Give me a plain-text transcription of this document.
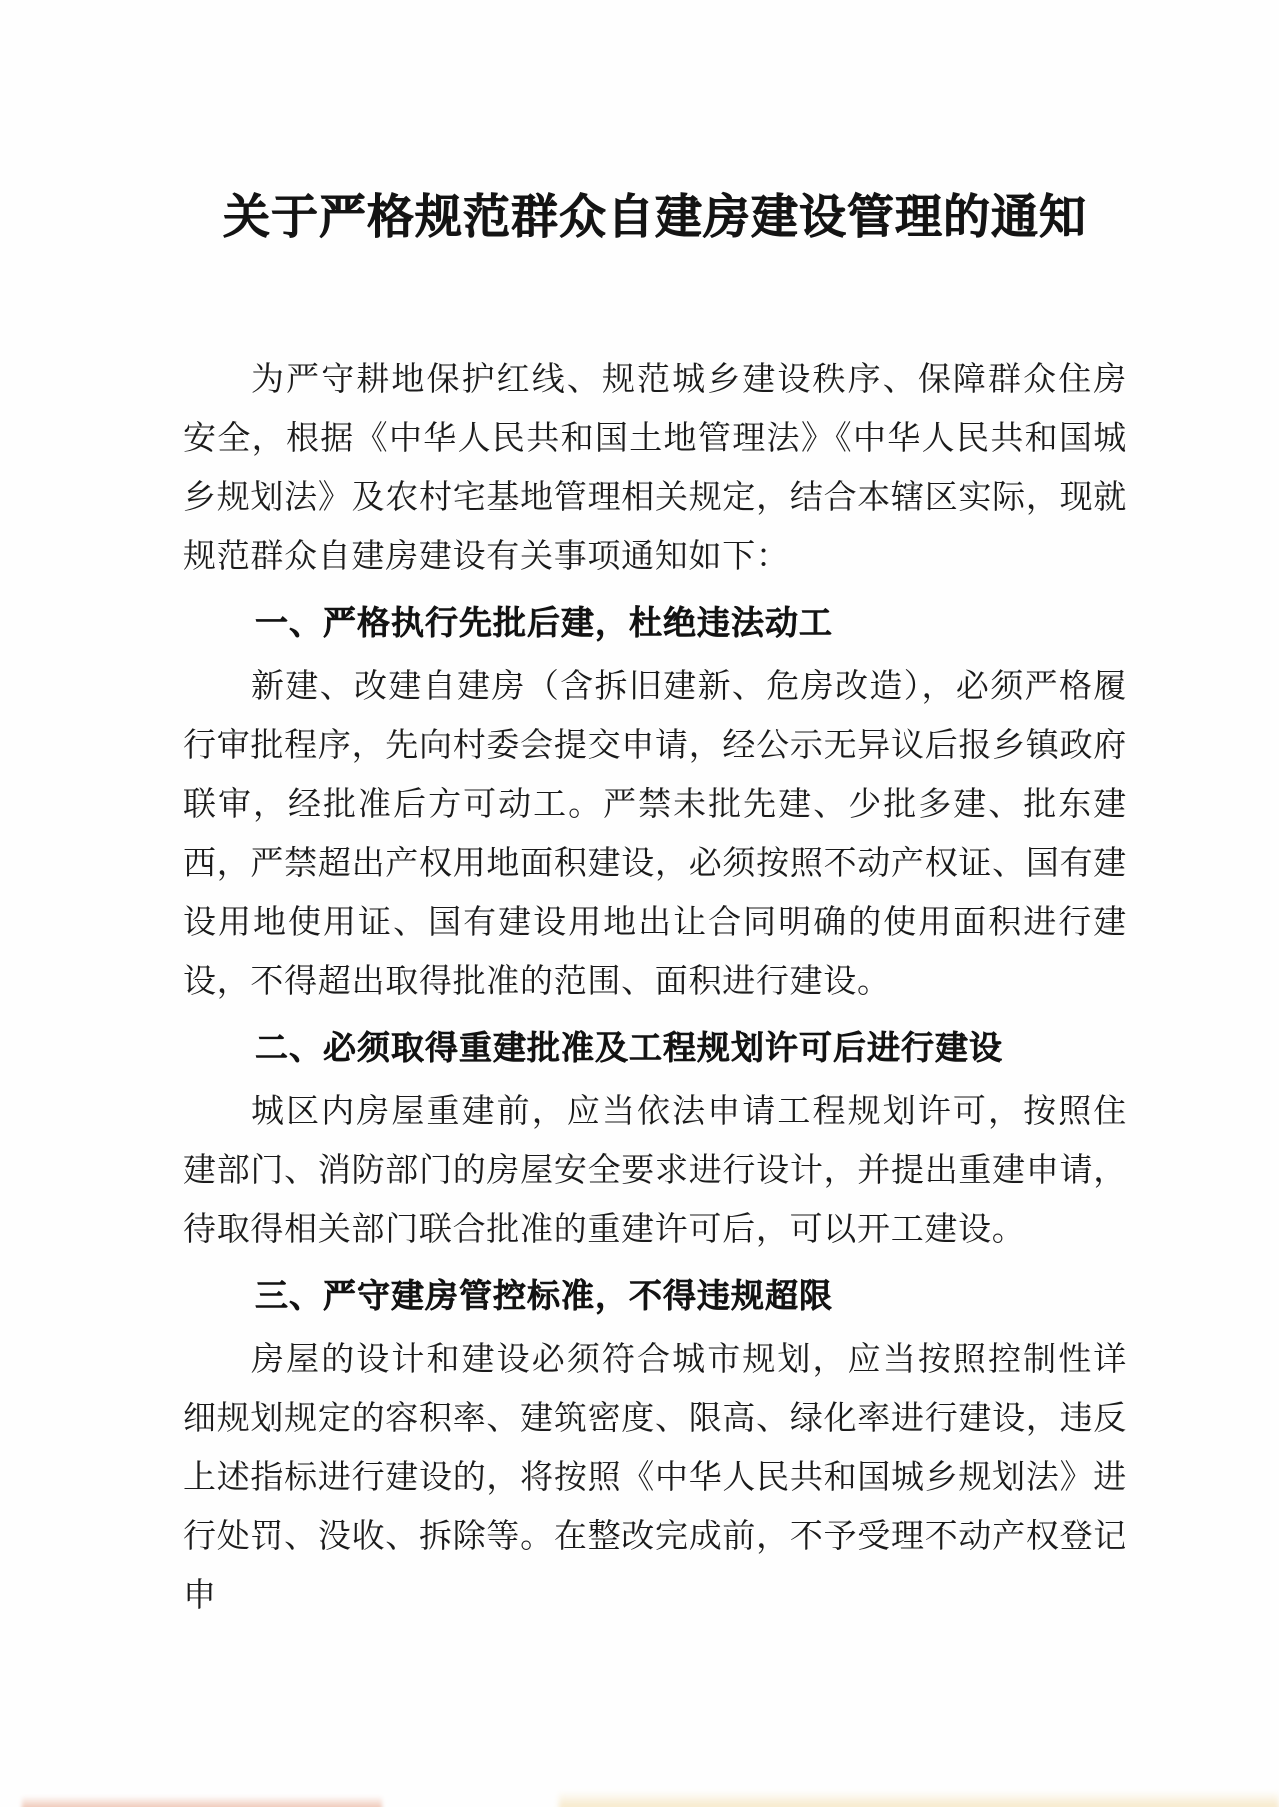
关于严格规范群众自建房建设管理的通知

为严守耕地保护红线、规范城乡建设秩序、保障群众住房安全，根据《中华人民共和国土地管理法》《中华人民共和国城乡规划法》及农村宅基地管理相关规定，结合本辖区实际，现就规范群众自建房建设有关事项通知如下：

一、严格执行先批后建，杜绝违法动工

新建、改建自建房（含拆旧建新、危房改造），必须严格履行审批程序，先向村委会提交申请，经公示无异议后报乡镇政府联审，经批准后方可动工。严禁未批先建、少批多建、批东建西，严禁超出产权用地面积建设，必须按照不动产权证、国有建设用地使用证、国有建设用地出让合同明确的使用面积进行建设，不得超出取得批准的范围、面积进行建设。

二、必须取得重建批准及工程规划许可后进行建设

城区内房屋重建前，应当依法申请工程规划许可，按照住建部门、消防部门的房屋安全要求进行设计，并提出重建申请，待取得相关部门联合批准的重建许可后，可以开工建设。

三、严守建房管控标准，不得违规超限

房屋的设计和建设必须符合城市规划，应当按照控制性详细规划规定的容积率、建筑密度、限高、绿化率进行建设，违反上述指标进行建设的，将按照《中华人民共和国城乡规划法》进行处罚、没收、拆除等。在整改完成前，不予受理不动产权登记申
